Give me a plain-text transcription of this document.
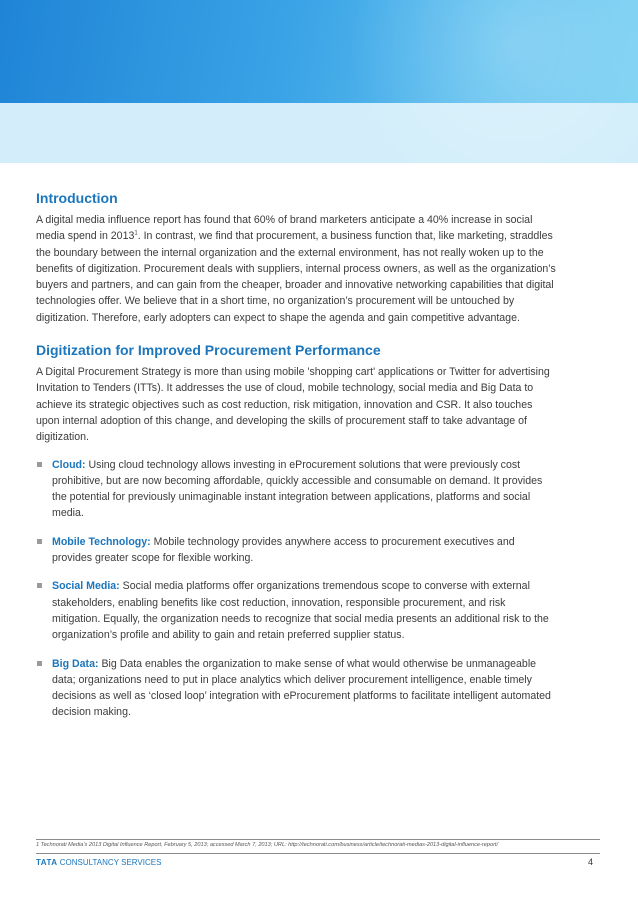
Introduction

A digital media influence report has found that 60% of brand marketers anticipate a 40% increase in social media spend in 2013$^1$. In contrast, we find that procurement, a business function that, like marketing, straddles the boundary between the internal organization and the external environment, has not really woken up to the benefits of digitization. Procurement deals with suppliers, internal process owners, as well as the organization’s buyers and partners, and can gain from the cheaper, broader and innovative networking capabilities that digital technologies offer. We believe that in a short time, no organization’s procurement will be untouched by digitization. Therefore, early adopters can expect to shape the agenda and gain competitive advantage.

Digitization for Improved Procurement Performance

A Digital Procurement Strategy is more than using mobile 'shopping cart' applications or Twitter for advertising Invitation to Tenders (ITTs). It addresses the use of cloud, mobile technology, social media and Big Data to achieve its strategic objectives such as cost reduction, risk mitigation, innovation and CSR. It also touches upon internal adoption of this change, and developing the skills of procurement staff to take advantage of digitization.

Cloud: Using cloud technology allows investing in eProcurement solutions that were previously cost prohibitive, but are now becoming affordable, quickly accessible and consumable on demand. It provides the potential for previously unimaginable instant integration between applications, platforms and social media.
Mobile Technology: Mobile technology provides anywhere access to procurement executives and provides greater scope for flexible working.
Social Media: Social media platforms offer organizations tremendous scope to converse with external stakeholders, enabling benefits like cost reduction, innovation, responsible procurement, and risk mitigation. Equally, the organization needs to recognize that social media presents an additional risk to the organization’s profile and ability to gain and retain preferred supplier status.
Big Data: Big Data enables the organization to make sense of what would otherwise be unmanageable data; organizations need to put in place analytics which deliver procurement intelligence, enable timely decisions as well as ‘closed loop’ integration with eProcurement platforms to facilitate intelligent automated decision making.
1 Technorati Media’s 2013 Digital Influence Report, February 5, 2013; accessed March 7, 2013; URL: http://technorati.com/business/article/technorati-medias-2013-digital-influence-report/
TATA CONSULTANCY SERVICES	4
